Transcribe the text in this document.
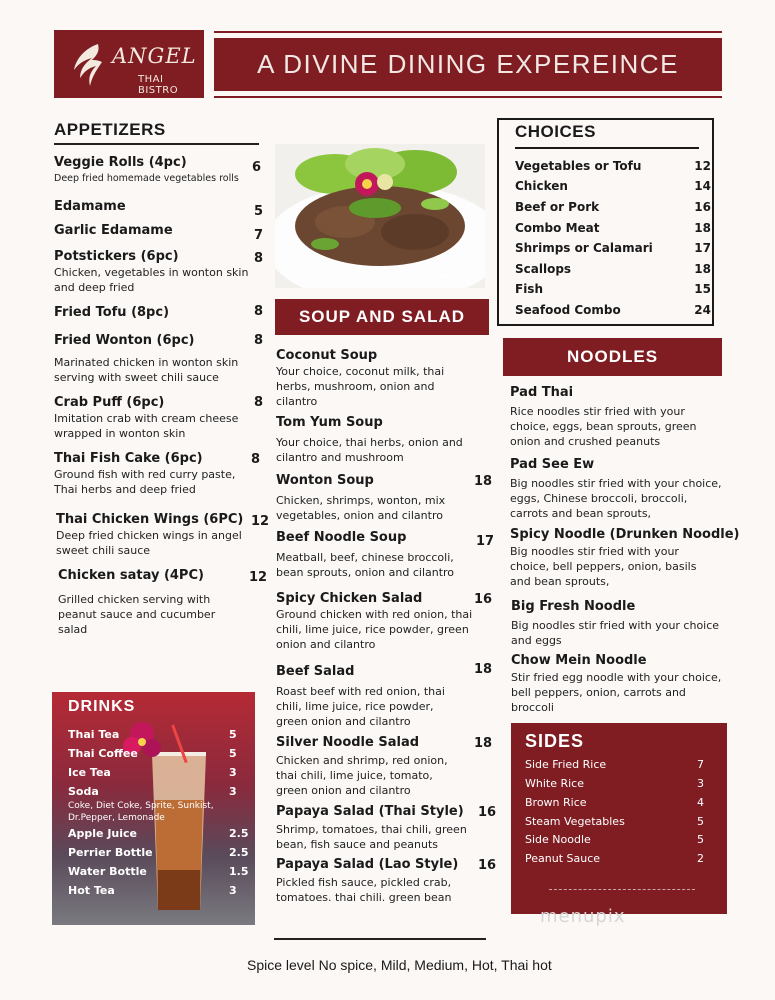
ANGEL
THAI BISTRO
A DIVINE DINING EXPEREINCE
APPETIZERS
Veggie Rolls (4pc)
Deep fried homemade vegetables rolls
6
Edamame	5
Garlic Edamame	7
Potstickers (6pc)
Chicken, vegetables in wonton skin and deep fried
8
Fried Tofu (8pc)	8
Fried Wonton (6pc)
Marinated chicken in wonton skin serving with sweet chili sauce
8
Crab Puff (6pc)
Imitation crab with cream cheese wrapped in wonton skin
8
Thai Fish Cake (6pc)
Ground fish with red curry paste, Thai herbs and deep fried
8
Thai Chicken Wings (6PC)
Deep fried chicken wings in angel sweet chili sauce
12
Chicken satay (4PC)
Grilled chicken serving with peanut sauce and cucumber salad
12
Beef salad
SOUP AND SALAD
Coconut Soup
Your choice, coconut milk, thai herbs, mushroom, onion and cilantro
Tom Yum Soup
Your choice, thai herbs, onion and cilantro and mushroom
Wonton Soup
Chicken, shrimps, wonton, mix vegetables, onion and cilantro
18
Beef Noodle Soup
Meatball, beef, chinese broccoli, bean sprouts, onion and cilantro
17
Spicy Chicken Salad
Ground chicken with red onion, thai chili, lime juice, rice powder, green onion and cilantro
16
Beef Salad
Roast beef with red onion, thai chili, lime juice, rice powder, green onion and cilantro
18
Silver Noodle Salad
Chicken and shrimp, red onion, thai chili, lime juice, tomato, green onion and cilantro
18
Papaya Salad (Thai Style)
Shrimp, tomatoes, thai chili, green bean, fish sauce and peanuts
16
Papaya Salad (Lao Style)
Pickled fish sauce, pickled crab, tomatoes. thai chili. green bean
16
CHOICES
Vegetables or Tofu	12
Chicken	14
Beef or Pork	16
Combo Meat	18
Shrimps or Calamari	17
Scallops	18
Fish	15
Seafood Combo	24
NOODLES
Pad Thai
Rice noodles stir fried with your choice, eggs, bean sprouts, green onion and crushed peanuts
Pad See Ew
Big noodles stir fried with your choice, eggs, Chinese broccoli, broccoli, carrots and bean sprouts,
Spicy Noodle (Drunken Noodle)
Big noodles stir fried with your choice, bell peppers, onion, basils and bean sprouts,
Big Fresh Noodle
Big noodles stir fried with your choice and eggs
Chow Mein Noodle
Stir fried egg noodle with your choice, bell peppers, onion, carrots and broccoli
DRINKS
Thai Tea	5
Thai Coffee	5
Ice Tea	3
Soda	3
Coke, Diet Coke, Sprite, Sunkist, Dr.Pepper, Lemonade
Apple Juice	2.5
Perrier Bottle	2.5
Water Bottle	1.5
Hot Tea	3
SIDES
Side Fried Rice	7
White Rice	3
Brown Rice	4
Steam Vegetables	5
Side Noodle	5
Peanut Sauce	2
menupix
Spice level No spice, Mild, Medium, Hot, Thai hot
